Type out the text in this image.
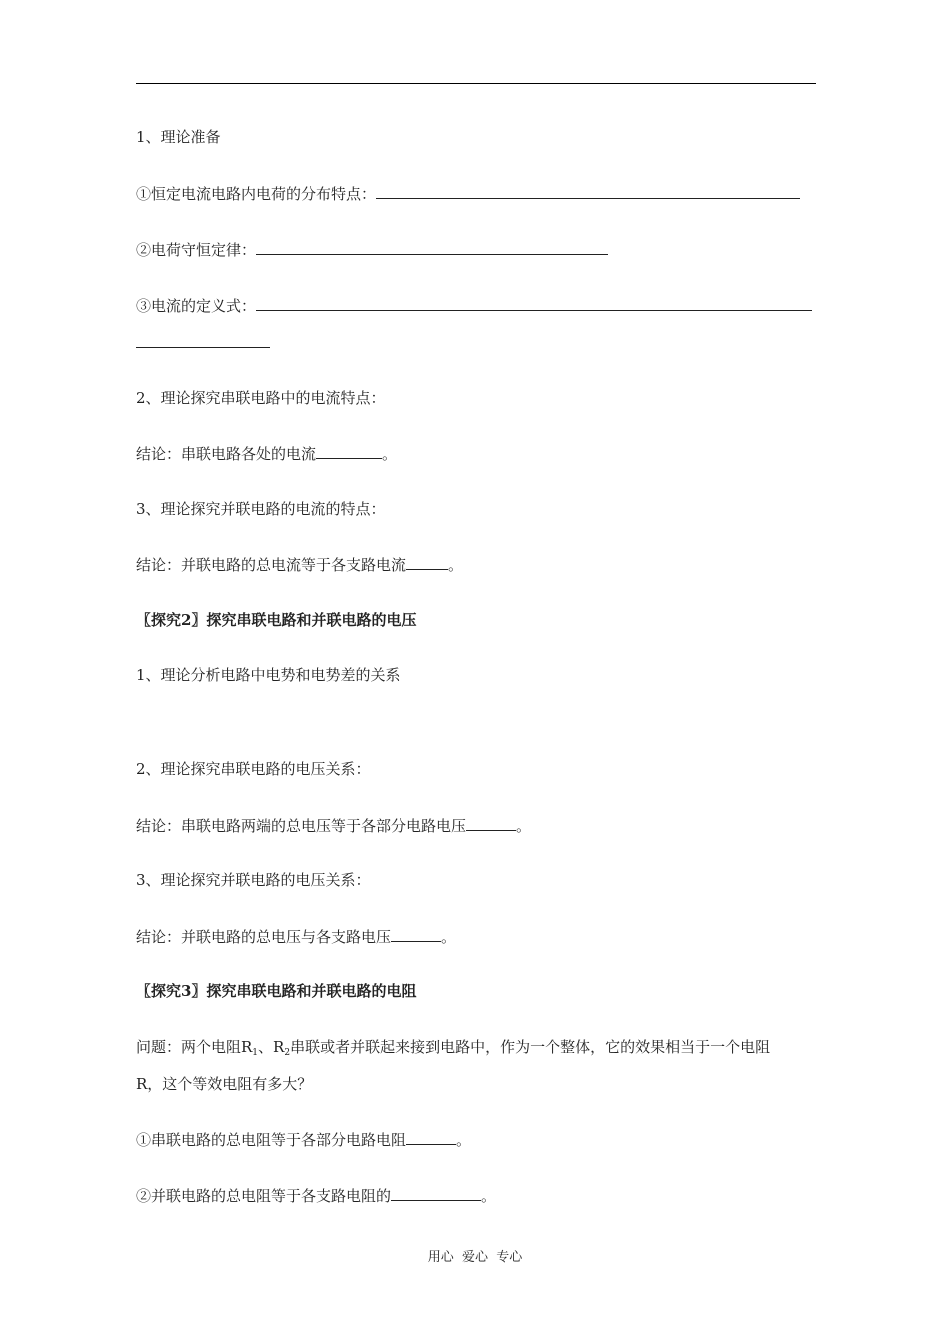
1、理论准备
①恒定电流电路内电荷的分布特点：
②电荷守恒定律：
③电流的定义式：
2、理论探究串联电路中的电流特点：
结论：串联电路各处的电流	。
3、理论探究并联电路的电流的特点：
结论：并联电路的总电流等于各支路电流	。
〖探究2〗探究串联电路和并联电路的电压
1、理论分析电路中电势和电势差的关系
2、理论探究串联电路的电压关系：
结论：串联电路两端的总电压等于各部分电路电压	。
3、理论探究并联电路的电压关系：
结论：并联电路的总电压与各支路电压	。
〖探究3〗探究串联电路和并联电路的电阻
问题：两个电阻$R_1$、$R_2$串联或者并联起来接到电路中，作为一个整体，它的效果相当于一个电阻
R，这个等效电阻有多大？
①串联电路的总电阻等于各部分电路电阻	。
②并联电路的总电阻等于各支路电阻的	。
用心  爱心  专心
